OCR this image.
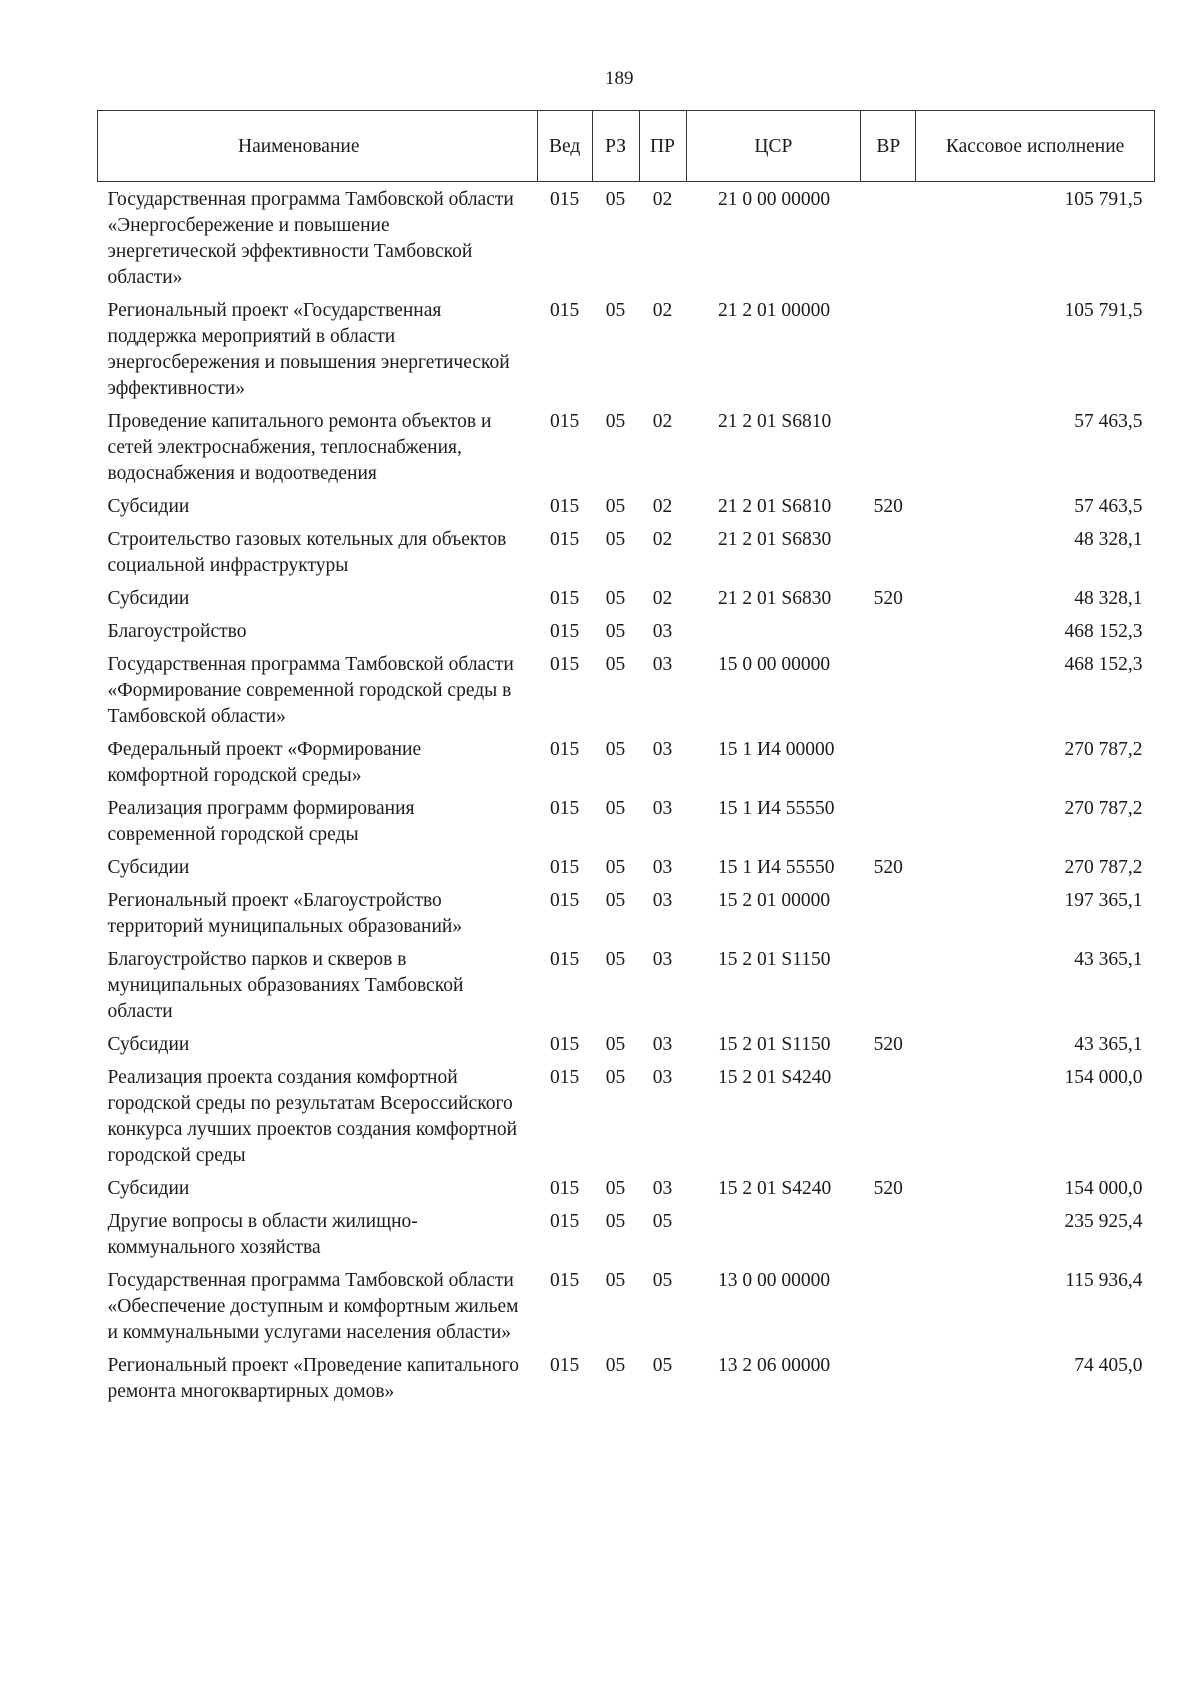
189
Наименование	Вед	РЗ	ПР	ЦСР	ВР	Кассовое исполнение
Государственная программа Тамбовской области «Энергосбережение и повышение энергетической эффективности Тамбовской области»	015	05	02	21 0 00 00000		105 791,5
Региональный проект «Государственная поддержка мероприятий в области энергосбережения и повышения энергетической эффективности»	015	05	02	21 2 01 00000		105 791,5
Проведение капитального ремонта объектов и сетей электроснабжения, теплоснабжения, водоснабжения и водоотведения	015	05	02	21 2 01 S6810		57 463,5
Субсидии	015	05	02	21 2 01 S6810	520	57 463,5
Строительство газовых котельных для объектов социальной инфраструктуры	015	05	02	21 2 01 S6830		48 328,1
Субсидии	015	05	02	21 2 01 S6830	520	48 328,1
Благоустройство	015	05	03			468 152,3
Государственная программа Тамбовской области «Формирование современной городской среды в Тамбовской области»	015	05	03	15 0 00 00000		468 152,3
Федеральный проект «Формирование комфортной городской среды»	015	05	03	15 1 И4 00000		270 787,2
Реализация программ формирования современной городской среды	015	05	03	15 1 И4 55550		270 787,2
Субсидии	015	05	03	15 1 И4 55550	520	270 787,2
Региональный проект «Благоустройство территорий муниципальных образований»	015	05	03	15 2 01 00000		197 365,1
Благоустройство парков и скверов в муниципальных образованиях Тамбовской области	015	05	03	15 2 01 S1150		43 365,1
Субсидии	015	05	03	15 2 01 S1150	520	43 365,1
Реализация проекта создания комфортной городской среды по результатам Всероссийского конкурса лучших проектов создания комфортной городской среды	015	05	03	15 2 01 S4240		154 000,0
Субсидии	015	05	03	15 2 01 S4240	520	154 000,0
Другие вопросы в области жилищно-коммунального хозяйства	015	05	05			235 925,4
Государственная программа Тамбовской области «Обеспечение доступным и комфортным жильем и коммунальными услугами населения области»	015	05	05	13 0 00 00000		115 936,4
Региональный проект «Проведение капитального ремонта многоквартирных домов»	015	05	05	13 2 06 00000		74 405,0
